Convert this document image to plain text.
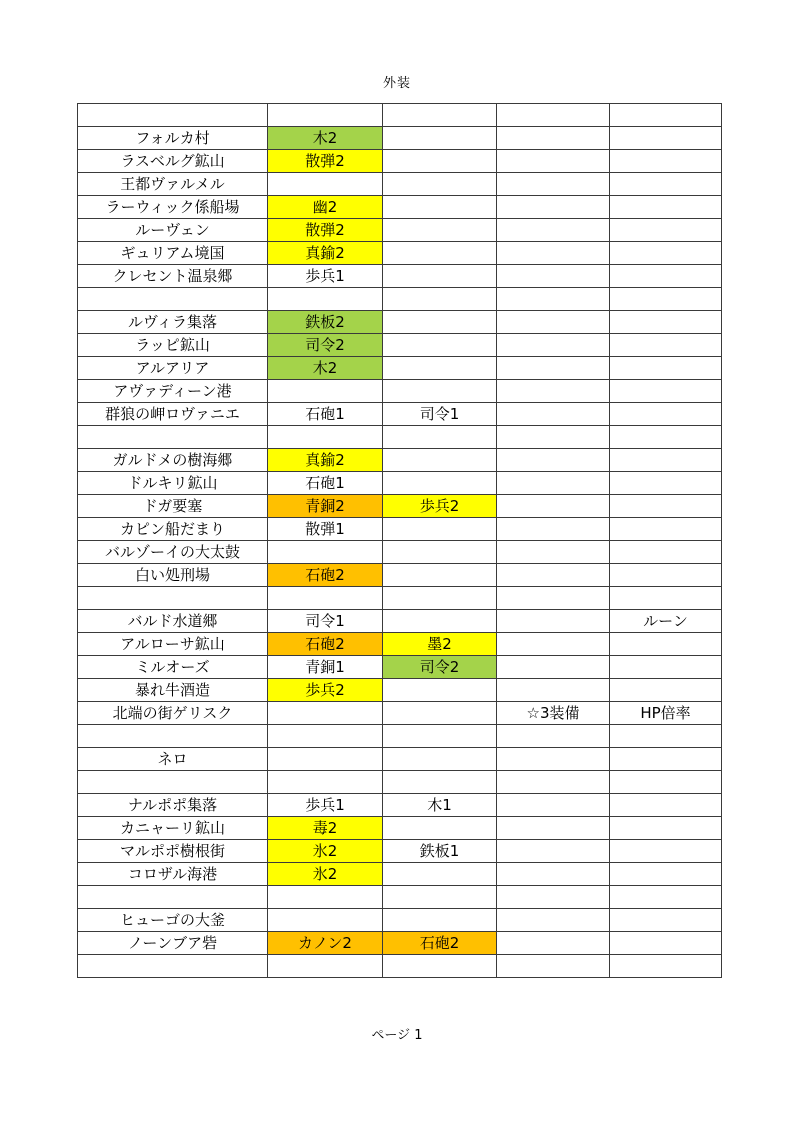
外装

フォルカ村	木2			
ラスベルグ鉱山	散弾2			
王都ヴァルメル				
ラーウィック係船場	幽2			
ルーヴェン	散弾2			
ギュリアム境国	真鍮2			
クレセント温泉郷	歩兵1			

ルヴィラ集落	鉄板2			
ラッピ鉱山	司令2			
アルアリア	木2			
アヴァディーン港				
群狼の岬ロヴァニエ	石砲1	司令1		

ガルドメの樹海郷	真鍮2			
ドルキリ鉱山	石砲1			
ドガ要塞	青銅2	歩兵2		
カピン船だまり	散弾1			
バルゾーイの大太鼓				
白い処刑場	石砲2			

バルド水道郷	司令1			ルーン
アルローサ鉱山	石砲2	墨2		
ミルオーズ	青銅1	司令2		
暴れ牛酒造	歩兵2			
北端の街ゲリスク			☆3装備	HP倍率

ネロ				

ナルポポ集落	歩兵1	木1		
カニャーリ鉱山	毒2			
マルポポ樹根街	氷2	鉄板1		
コロザル海港	氷2			

ヒューゴの大釜				
ノーンブア砦	カノン2	石砲2		

ページ 1
